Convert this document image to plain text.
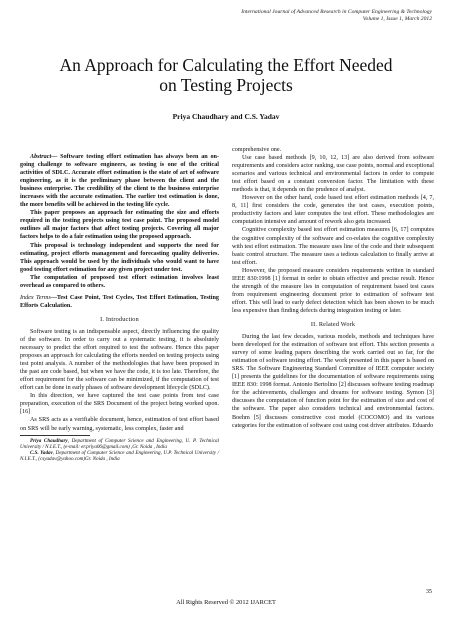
International Journal of Advanced Research in Computer Engineering & Technology
Volume 1, Issue 1, March 2012
An Approach for Calculating the Effort Needed
on Testing Projects
Priya Chaudhary and C.S. Yadav

Abstract— Software testing effort estimation has always been an on-going challenge to software engineers, as testing is one of the critical activities of SDLC. Accurate effort estimation is the state of art of software engineering, as it is the preliminary phase between the client and the business enterprise. The credibility of the client to the business enterprise increases with the accurate estimation. The earlier test estimation is done, the more benefits will be achieved in the testing life cycle.

This paper proposes an approach for estimating the size and efforts required in the testing projects using test case point. The proposed model outlines all major factors that affect testing projects. Covering all major factors helps to do a fair estimation using the proposed approach.

This proposal is technology independent and supports the need for estimating, project efforts management and forecasting quality deliveries. This approach would be used by the individuals who would want to have good testing effort estimation for any given project under test.

The computation of proposed test effort estimation involves least overhead as compared to others.

Index Terms—Test Case Point, Test Cycles, Test Effort Estimation, Testing Efforts Calculation.

I. Introduction

Software testing is an indispensable aspect, directly influencing the quality of the software. In order to carry out a systematic testing, it is absolutely necessary to predict the effort required to test the software. Hence this paper proposes an approach for calculating the efforts needed on testing projects using test point analysis. A number of the methodologies that have been proposed in the past are code based, but when we have the code, it is too late. Therefore, the effort requirement for the software can be minimized, if the computation of test effort can be done in early phases of software development lifecycle (SDLC).

In this direction, we have captured the test case points from test case preparation, execution of the SRS Document of the project being worked upon. [16]

As SRS acts as a verifiable document, hence, estimation of test effort based on SRS will be early warning, systematic, less complex, faster and

Priya Chaudhary, Department of Computer Science and Engineering, U. P. Technical University / N.I.E.T., (e-mail: er.priya06@gmail.com) ,Gr. Noida , India

C.S. Yadav, Department of Computer Science and Engineering, U.P. Technical University / N.I.E.T., (csyadav@yahoo.com)Gr. Noida , India

comprehensive one.

Use case based methods [9, 10, 12, 13] are also derived from software requirements and considers actor ranking, use case points, normal and exceptional scenarios and various technical and environmental factors in order to compute test effort based on a constant conversion factor. The limitation with these methods is that, it depends on the prudence of analyst.

However on the other hand, code based test effort estimation methods [4, 7, 8, 11] first considers the code, generates the test cases, execution points, productivity factors and later computes the test effort. These methodologies are computation intensive and amount of rework also gets increased.

Cognitive complexity based test effort estimation measures [6, 17] computes the cognitive complexity of the software and co-relates the cognitive complexity with test effort estimation. The measure uses line of the code and their subsequent basic control structure. The measure uses a tedious calculation to finally arrive at test effort.

However, the proposed measure considers requirements written in standard IEEE 830:1998 [1] format in order to obtain effective and precise result. Hence the strength of the measure lies in computation of requirement based test cases from requirement engineering document prior to estimation of software test effort. This will lead to early defect detection which has been shown to be much less expensive than finding defects during integration testing or later.

II. Related Work

During the last few decades, various models, methods and techniques have been developed for the estimation of software test effort. This section presents a survey of some leading papers describing the work carried out so far, for the estimation of software testing effort. The work presented in this paper is based on SRS. The Software Engineering Standard Committee of IEEE computer society [1] presents the guidelines for the documentation of software requirements using IEEE 830: 1998 format. Antonio Bertolino [2] discusses software testing roadmap for the achievements, challenges and dreams for software testing. Symon [3] discusses the computation of function point for the estimation of size and cost of the software. The paper also considers technical and environmental factors. Boehm [5] discusses constructive cost model (COCOMO) and its various categories for the estimation of software cost using cost driver attributes. Eduardo

35
All Rights Reserved © 2012 IJARCET
